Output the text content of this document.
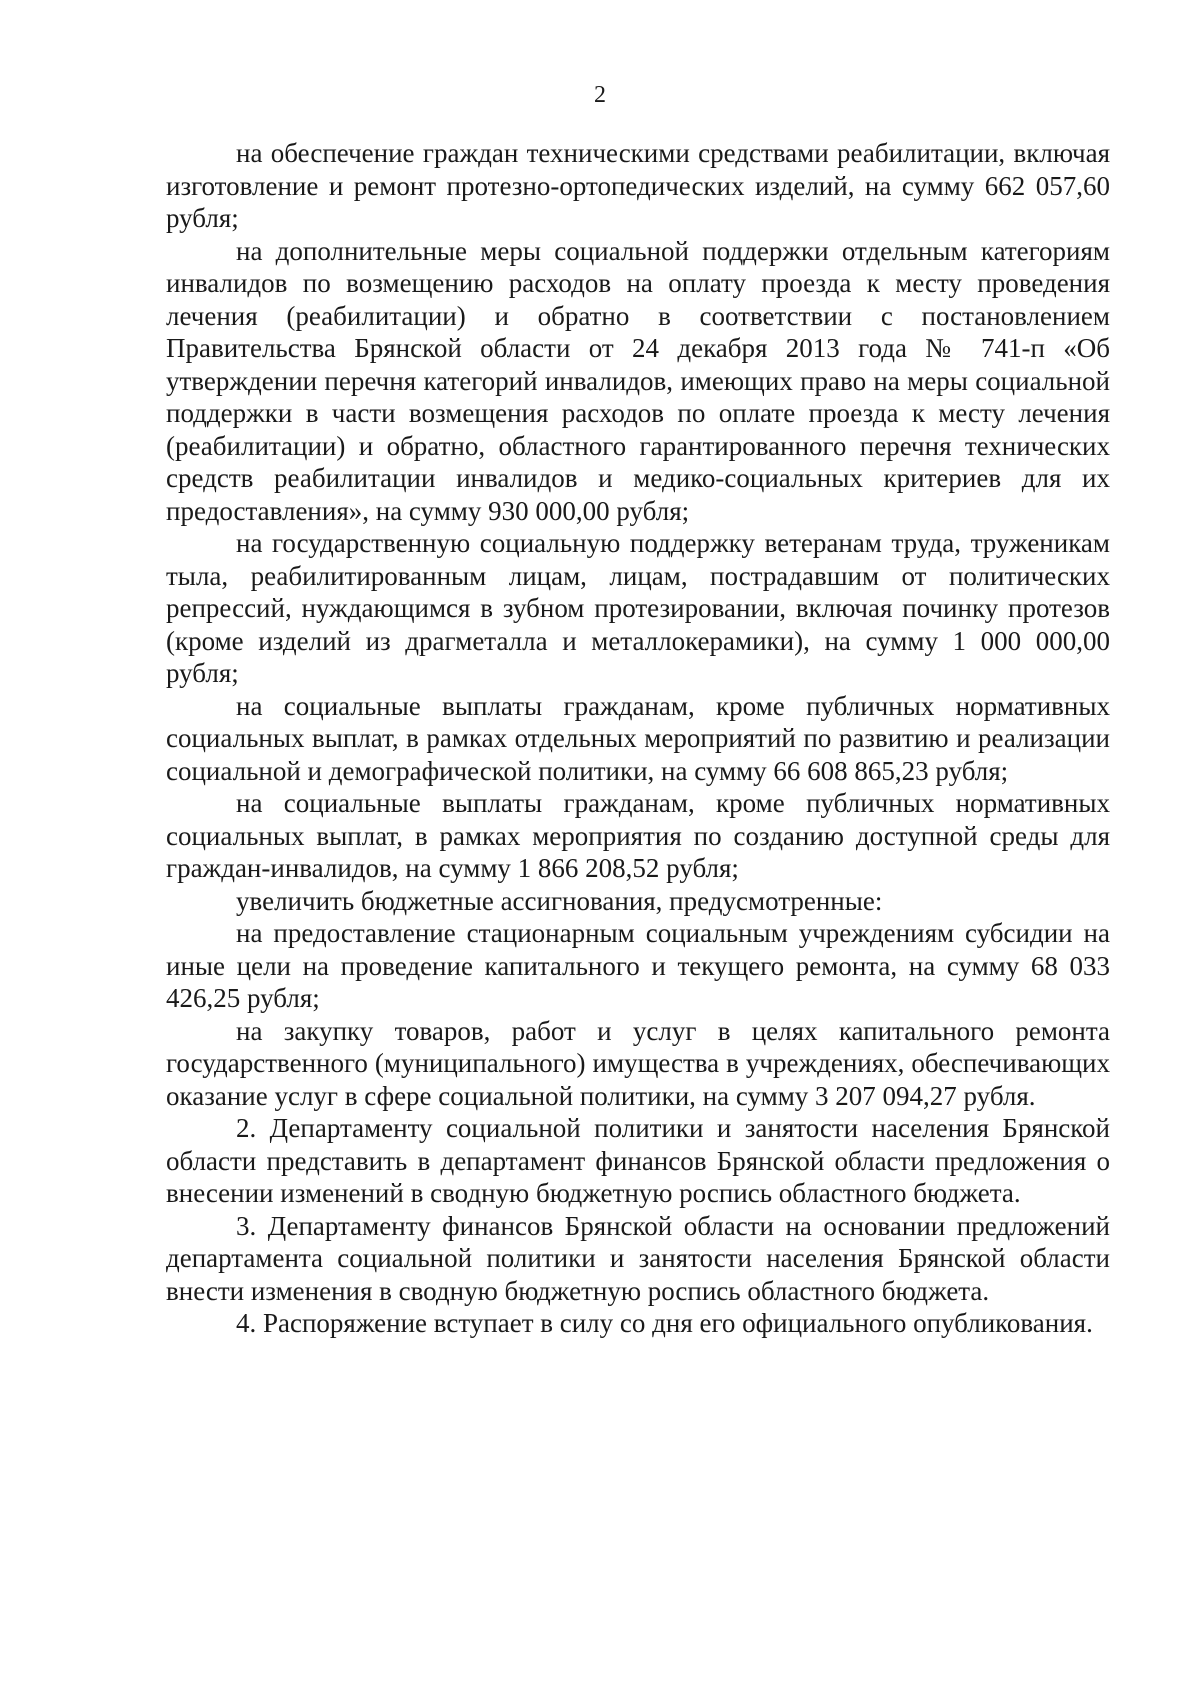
2

на обеспечение граждан техническими средствами реабилитации, включая изготовление и ремонт протезно-ортопедических изделий, на сумму 662 057,60 рубля;

на дополнительные меры социальной поддержки отдельным категориям инвалидов по возмещению расходов на оплату проезда к месту проведения лечения (реабилитации) и обратно в соответствии с постановлением Правительства Брянской области от 24 декабря 2013 года № 741-п «Об утверждении перечня категорий инвалидов, имеющих право на меры социальной поддержки в части возмещения расходов по оплате проезда к месту лечения (реабилитации) и обратно, областного гарантированного перечня технических средств реабилитации инвалидов и медико-социальных критериев для их предоставления», на сумму 930 000,00 рубля;

на государственную социальную поддержку ветеранам труда, труженикам тыла, реабилитированным лицам, лицам, пострадавшим от политических репрессий, нуждающимся в зубном протезировании, включая починку протезов (кроме изделий из драгметалла и металлокерамики), на сумму 1 000 000,00 рубля;

на социальные выплаты гражданам, кроме публичных нормативных социальных выплат, в рамках отдельных мероприятий по развитию и реализации социальной и демографической политики, на сумму 66 608 865,23 рубля;

на социальные выплаты гражданам, кроме публичных нормативных социальных выплат, в рамках мероприятия по созданию доступной среды для граждан-инвалидов, на сумму 1 866 208,52 рубля;

увеличить бюджетные ассигнования, предусмотренные:

на предоставление стационарным социальным учреждениям субсидии на иные цели на проведение капитального и текущего ремонта, на сумму 68 033 426,25 рубля;

на закупку товаров, работ и услуг в целях капитального ремонта государственного (муниципального) имущества в учреждениях, обеспечивающих оказание услуг в сфере социальной политики, на сумму 3 207 094,27 рубля.

2. Департаменту социальной политики и занятости населения Брянской области представить в департамент финансов Брянской области предложения о внесении изменений в сводную бюджетную роспись областного бюджета.

3. Департаменту финансов Брянской области на основании предложений департамента социальной политики и занятости населения Брянской области внести изменения в сводную бюджетную роспись областного бюджета.

4. Распоряжение вступает в силу со дня его официального опубликования.
